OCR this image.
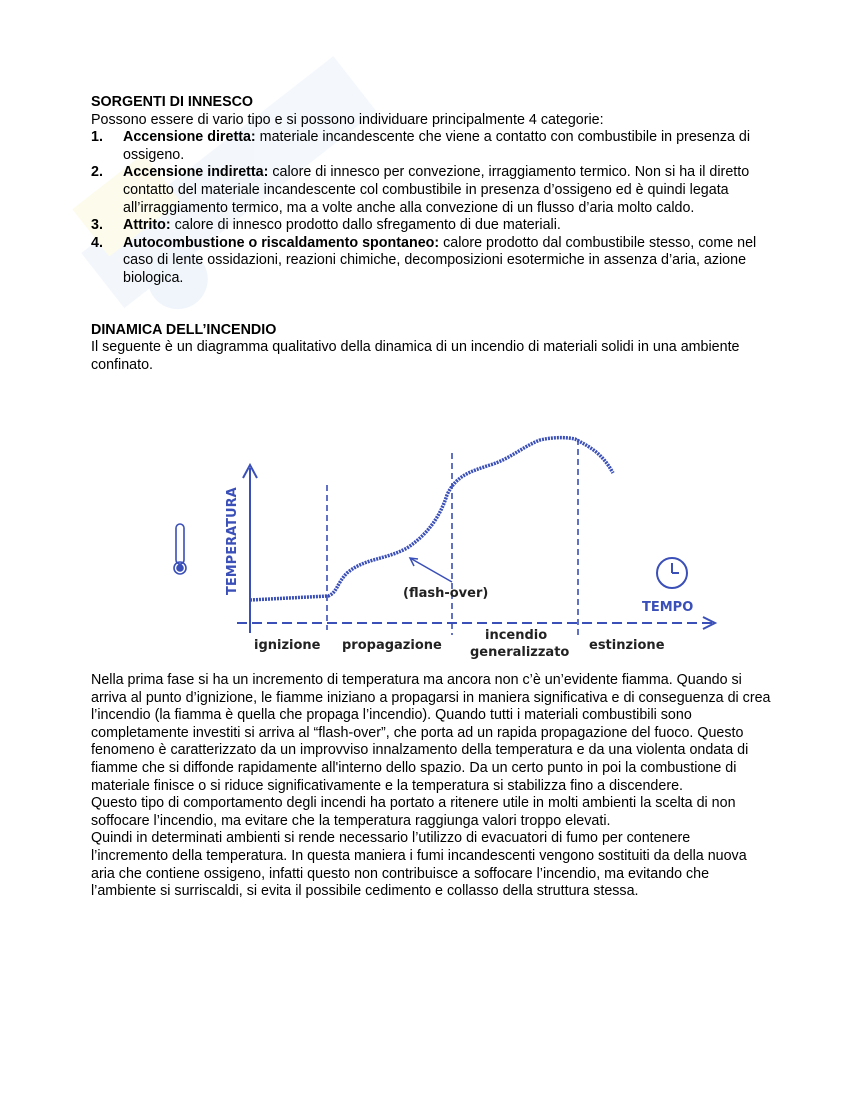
SORGENTI DI INNESCO

Possono essere di vario tipo e si possono individuare principalmente 4 categorie:

1. Accensione diretta: materiale incandescente che viene a contatto con combustibile in presenza di ossigeno.
2. Accensione indiretta: calore di innesco per convezione, irraggiamento termico. Non si ha il diretto contatto del materiale incandescente col combustibile in presenza d’ossigeno ed è quindi legata all’irraggiamento termico, ma a volte anche alla convezione di un flusso d’aria molto caldo.
3. Attrito: calore di innesco prodotto dallo sfregamento di due materiali.
4. Autocombustione o riscaldamento spontaneo: calore prodotto dal combustibile stesso, come nel caso di lente ossidazioni, reazioni chimiche, decomposizioni esotermiche in assenza d’aria, azione biologica.
DINAMICA DELL’INCENDIO

Il seguente è un diagramma qualitativo della dinamica di un incendio di materiali solidi in una ambiente confinato.

TEMPERATURA
TEMPO
(flash-over)
ignizione propagazione
incendio
generalizzato estinzione

Nella prima fase si ha un incremento di temperatura ma ancora non c’è un’evidente fiamma. Quando si arriva al punto d’ignizione, le fiamme iniziano a propagarsi in maniera significativa e di conseguenza di crea l’incendio (la fiamma è quella che propaga l’incendio). Quando tutti i materiali combustibili sono completamente investiti si arriva al “flash-over”, che porta ad un rapida propagazione del fuoco. Questo fenomeno è caratterizzato da un improvviso innalzamento della temperatura e da una violenta ondata di fiamme che si diffonde rapidamente all'interno dello spazio. Da un certo punto in poi la combustione di materiale finisce o si riduce significativamente e la temperatura si stabilizza fino a discendere.

Questo tipo di comportamento degli incendi ha portato a ritenere utile in molti ambienti la scelta di non soffocare l’incendio, ma evitare che la temperatura raggiunga valori troppo elevati.

Quindi in determinati ambienti si rende necessario l’utilizzo di evacuatori di fumo per contenere l’incremento della temperatura. In questa maniera i fumi incandescenti vengono sostituiti da della nuova aria che contiene ossigeno, infatti questo non contribuisce a soffocare l’incendio, ma evitando che l’ambiente si surriscaldi, si evita il possibile cedimento e collasso della struttura stessa.
